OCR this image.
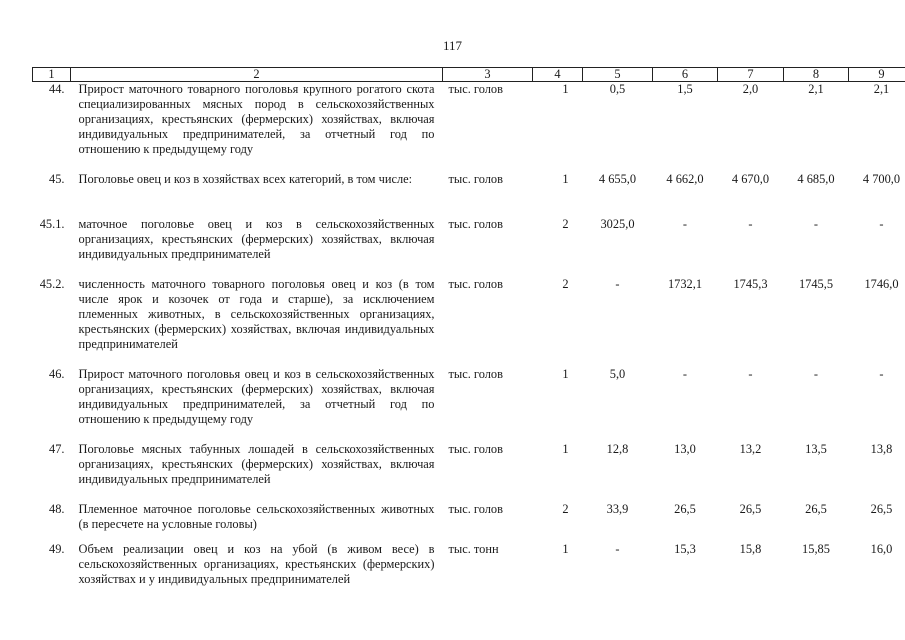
117
1	2	3	4	5	6	7	8	9
44.	Прирост маточного товарного поголовья крупного рогатого скота специализированных мясных пород в сельскохозяйственных организациях, крестьянских (фермерских) хозяйствах, включая индивидуальных предпринимателей, за отчетный год по отношению к предыдущему году	тыс. голов	1	0,5	1,5	2,0	2,1	2,1
45.	Поголовье овец и коз в хозяйствах всех категорий, в том числе:	тыс. голов	1	4 655,0	4 662,0	4 670,0	4 685,0	4 700,0
45.1.	маточное поголовье овец и коз в сельскохозяйственных организациях, крестьянских (фермерских) хозяйствах, включая индивидуальных предпринимателей	тыс. голов	2	3025,0	-	-	-	-
45.2.	численность маточного товарного поголовья овец и коз (в том числе ярок и козочек от года и старше), за исключением племенных животных, в сельскохозяйственных организациях, крестьянских (фермерских) хозяйствах, включая индивидуальных предпринимателей	тыс. голов	2	-	1732,1	1745,3	1745,5	1746,0
46.	Прирост маточного поголовья овец и коз в сельскохозяйственных организациях, крестьянских (фермерских) хозяйствах, включая индивидуальных предпринимателей, за отчетный год по отношению к предыдущему году	тыс. голов	1	5,0	-	-	-	-
47.	Поголовье мясных табунных лошадей в сельскохозяйственных организациях, крестьянских (фермерских) хозяйствах, включая индивидуальных предпринимателей	тыс. голов	1	12,8	13,0	13,2	13,5	13,8
48.	Племенное маточное поголовье сельскохозяйственных животных (в пересчете на условные головы)	тыс. голов	2	33,9	26,5	26,5	26,5	26,5
49.	Объем реализации овец и коз на убой (в живом весе) в сельскохозяйственных организациях, крестьянских (фермерских) хозяйствах и у индивидуальных предпринимателей	тыс. тонн	1	-	15,3	15,8	15,85	16,0
